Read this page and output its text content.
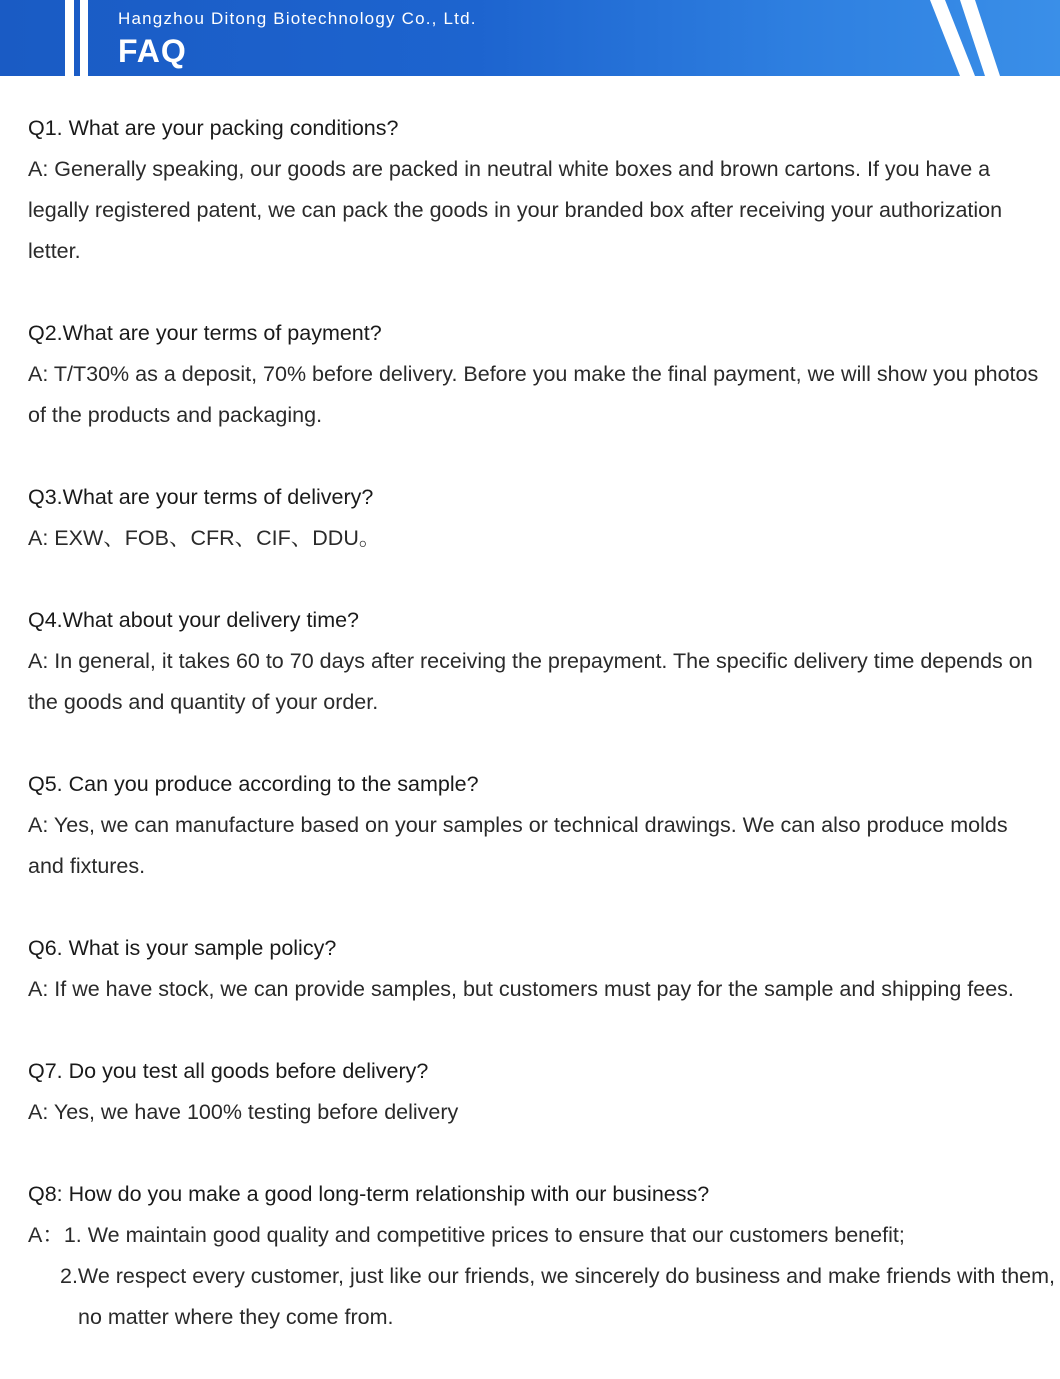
Hangzhou Ditong Biotechnology Co., Ltd.
FAQ
Q1. What are your packing conditions?
A: Generally speaking, our goods are packed in neutral white boxes and brown cartons. If you have a legally registered patent, we can pack the goods in your branded box after receiving your authorization letter.
Q2.What are your terms of payment?
A: T/T30% as a deposit, 70% before delivery. Before you make the final payment, we will show you photos of the products and packaging.
Q3.What are your terms of delivery?
A: EXW、FOB、CFR、CIF、DDU。
Q4.What about your delivery time?
A: In general, it takes 60 to 70 days after receiving the prepayment. The specific delivery time depends on the goods and quantity of your order.
Q5. Can you produce according to the sample?
A: Yes, we can manufacture based on your samples or technical drawings. We can also produce molds and fixtures.
Q6. What is your sample policy?
A: If we have stock, we can provide samples, but customers must pay for the sample and shipping fees.
Q7. Do you test all goods before delivery?
A: Yes, we have 100% testing before delivery
Q8: How do you make a good long-term relationship with our business?
A：1. We maintain good quality and competitive prices to ensure that our customers benefit;
2.We respect every customer, just like our friends, we sincerely do business and make friends with them,
no matter where they come from.
